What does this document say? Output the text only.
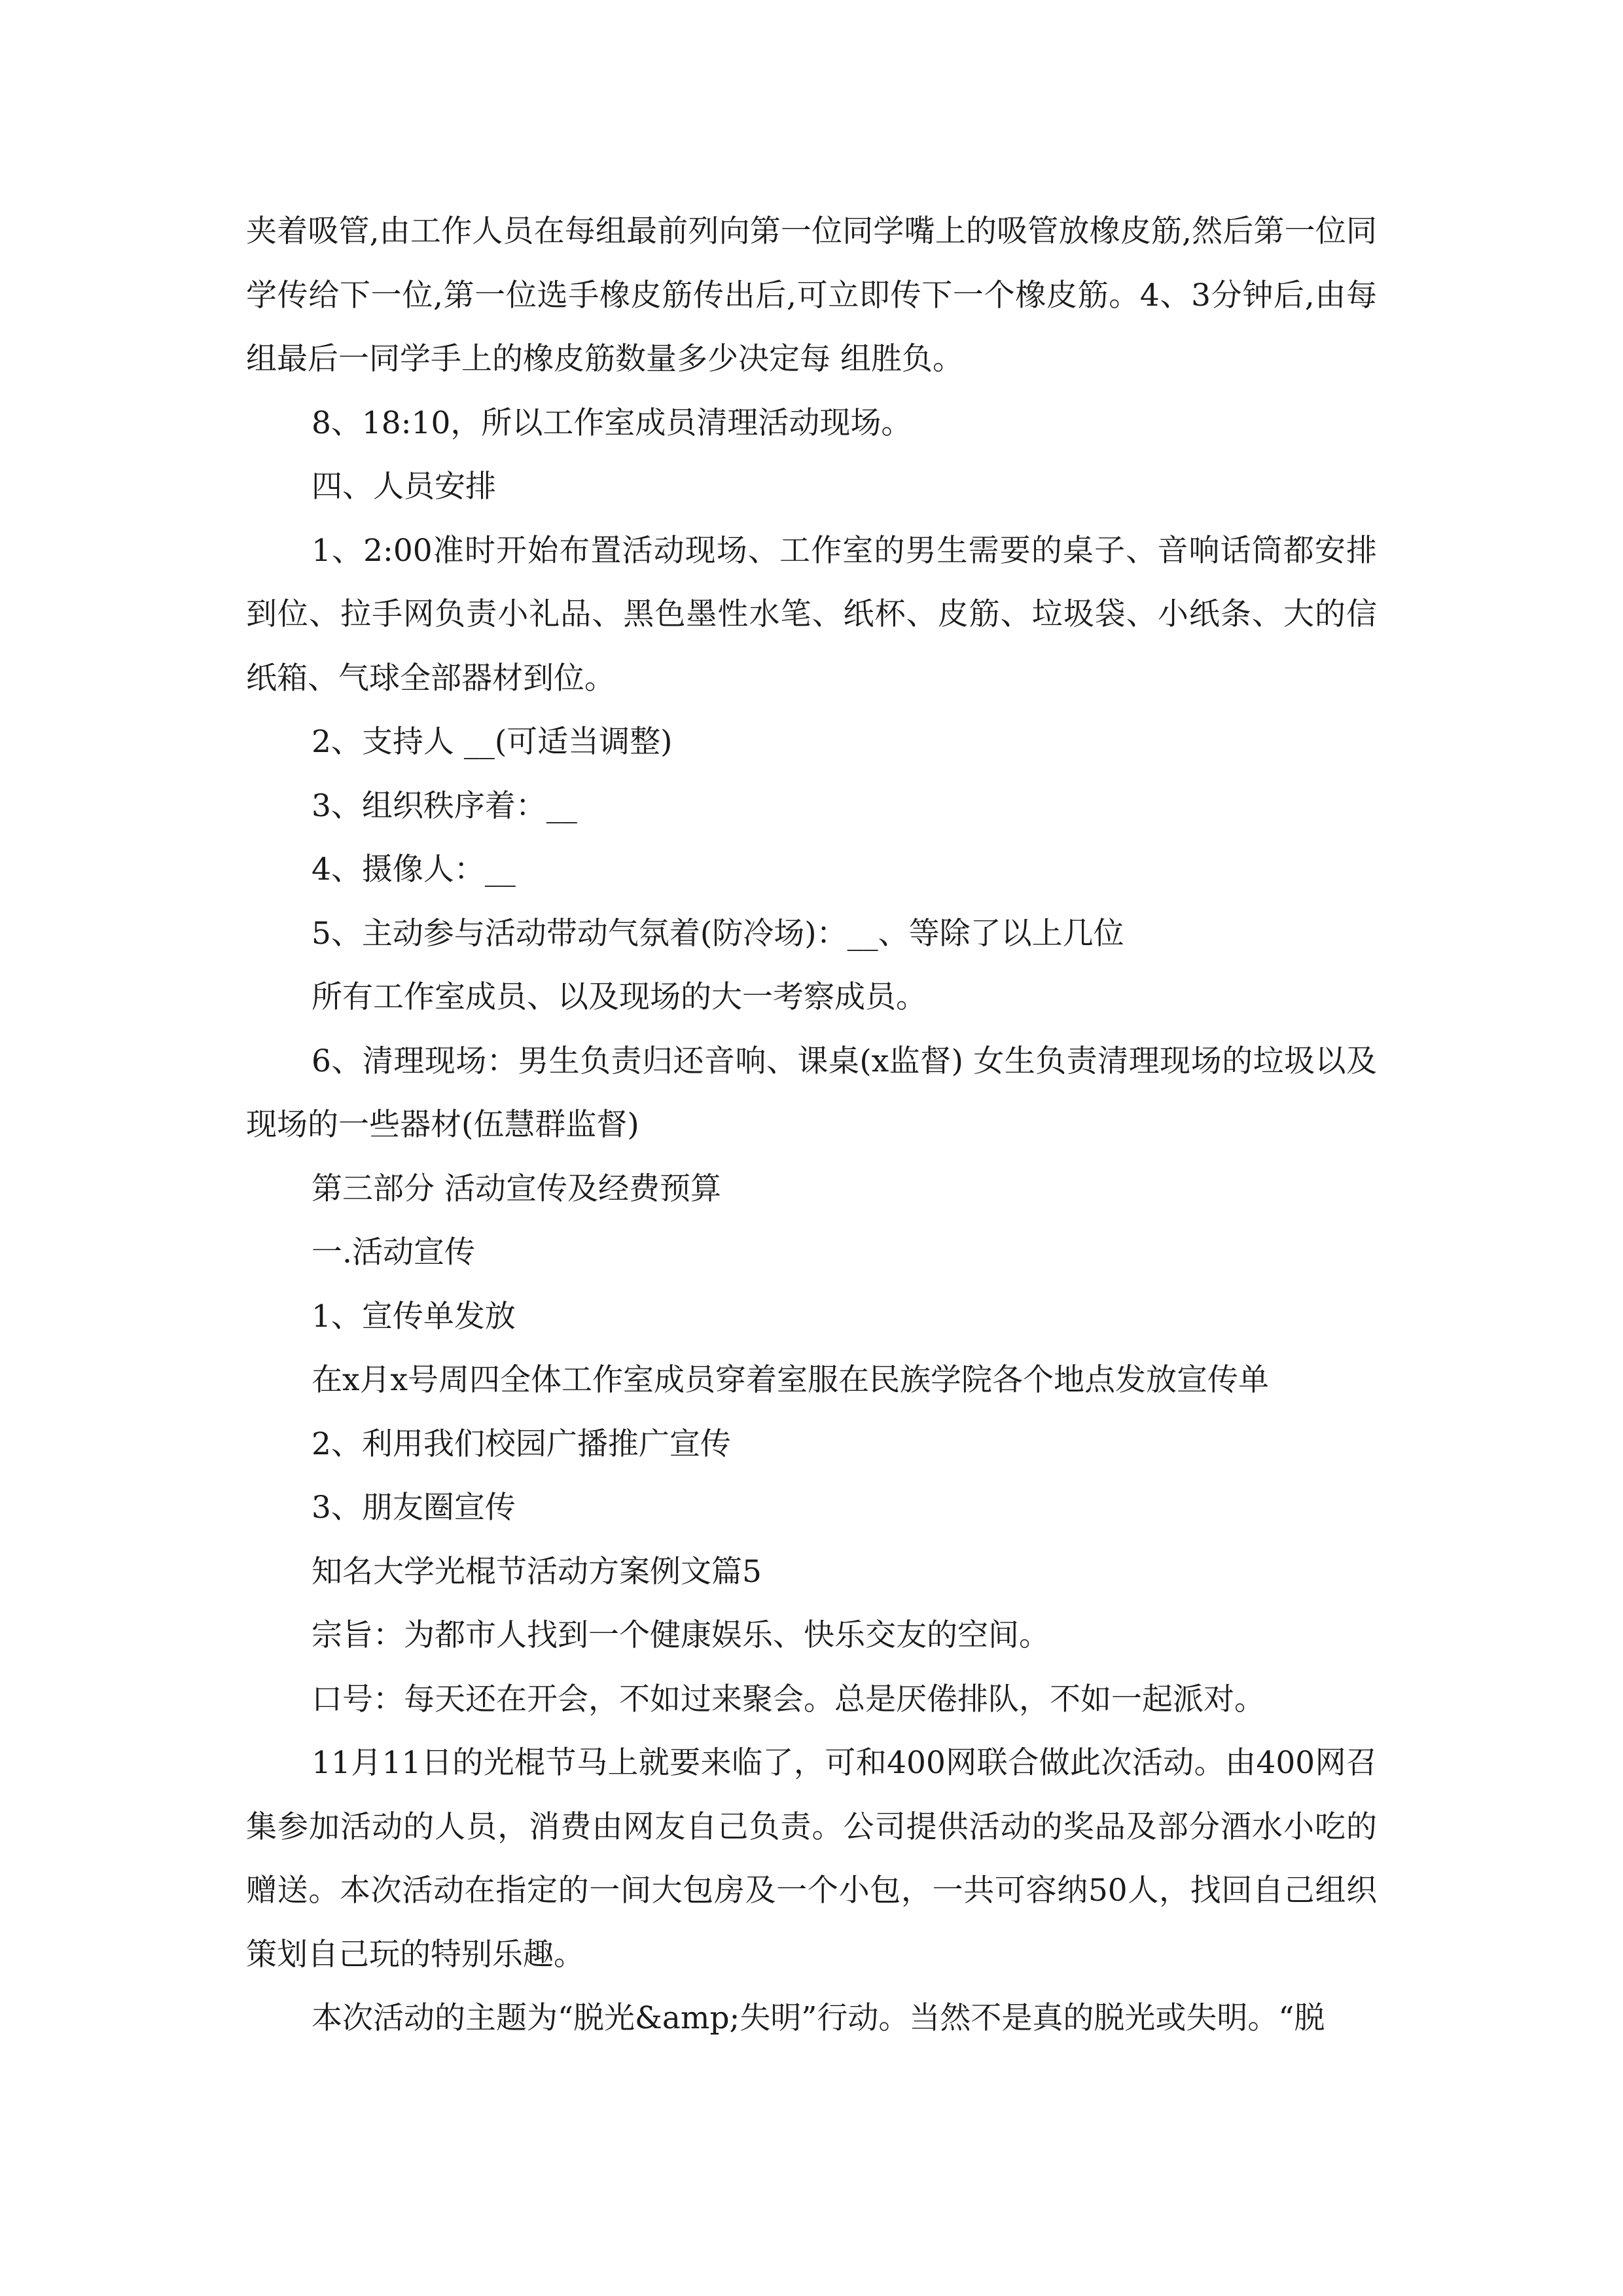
夹着吸管,由工作人员在每组最前列向第一位同学嘴上的吸管放橡皮筋,然后第一位同学传给下一位,第一位选手橡皮筋传出后,可立即传下一个橡皮筋。4、3分钟后,由每组最后一同学手上的橡皮筋数量多少决定每 组胜负。

8、18:10，所以工作室成员清理活动现场。

四、人员安排

1、2:00准时开始布置活动现场、工作室的男生需要的桌子、音响话筒都安排到位、拉手网负责小礼品、黑色墨性水笔、纸杯、皮筋、垃圾袋、小纸条、大的信纸箱、气球全部器材到位。

2、支持人 __(可适当调整)

3、组织秩序着：__

4、摄像人：__

5、主动参与活动带动气氛着(防冷场)：__、等除了以上几位

所有工作室成员、以及现场的大一考察成员。

6、清理现场：男生负责归还音响、课桌(x监督) 女生负责清理现场的垃圾以及现场的一些器材(伍慧群监督)

第三部分 活动宣传及经费预算

一.活动宣传

1、宣传单发放

在x月x号周四全体工作室成员穿着室服在民族学院各个地点发放宣传单

2、利用我们校园广播推广宣传

3、朋友圈宣传

知名大学光棍节活动方案例文篇5

宗旨：为都市人找到一个健康娱乐、快乐交友的空间。

口号：每天还在开会，不如过来聚会。总是厌倦排队，不如一起派对。

11月11日的光棍节马上就要来临了，可和400网联合做此次活动。由400网召集参加活动的人员，消费由网友自己负责。公司提供活动的奖品及部分酒水小吃的赠送。本次活动在指定的一间大包房及一个小包，一共可容纳50人，找回自己组织策划自己玩的特别乐趣。

本次活动的主题为“脱光&amp;失明”行动。当然不是真的脱光或失明。“脱
